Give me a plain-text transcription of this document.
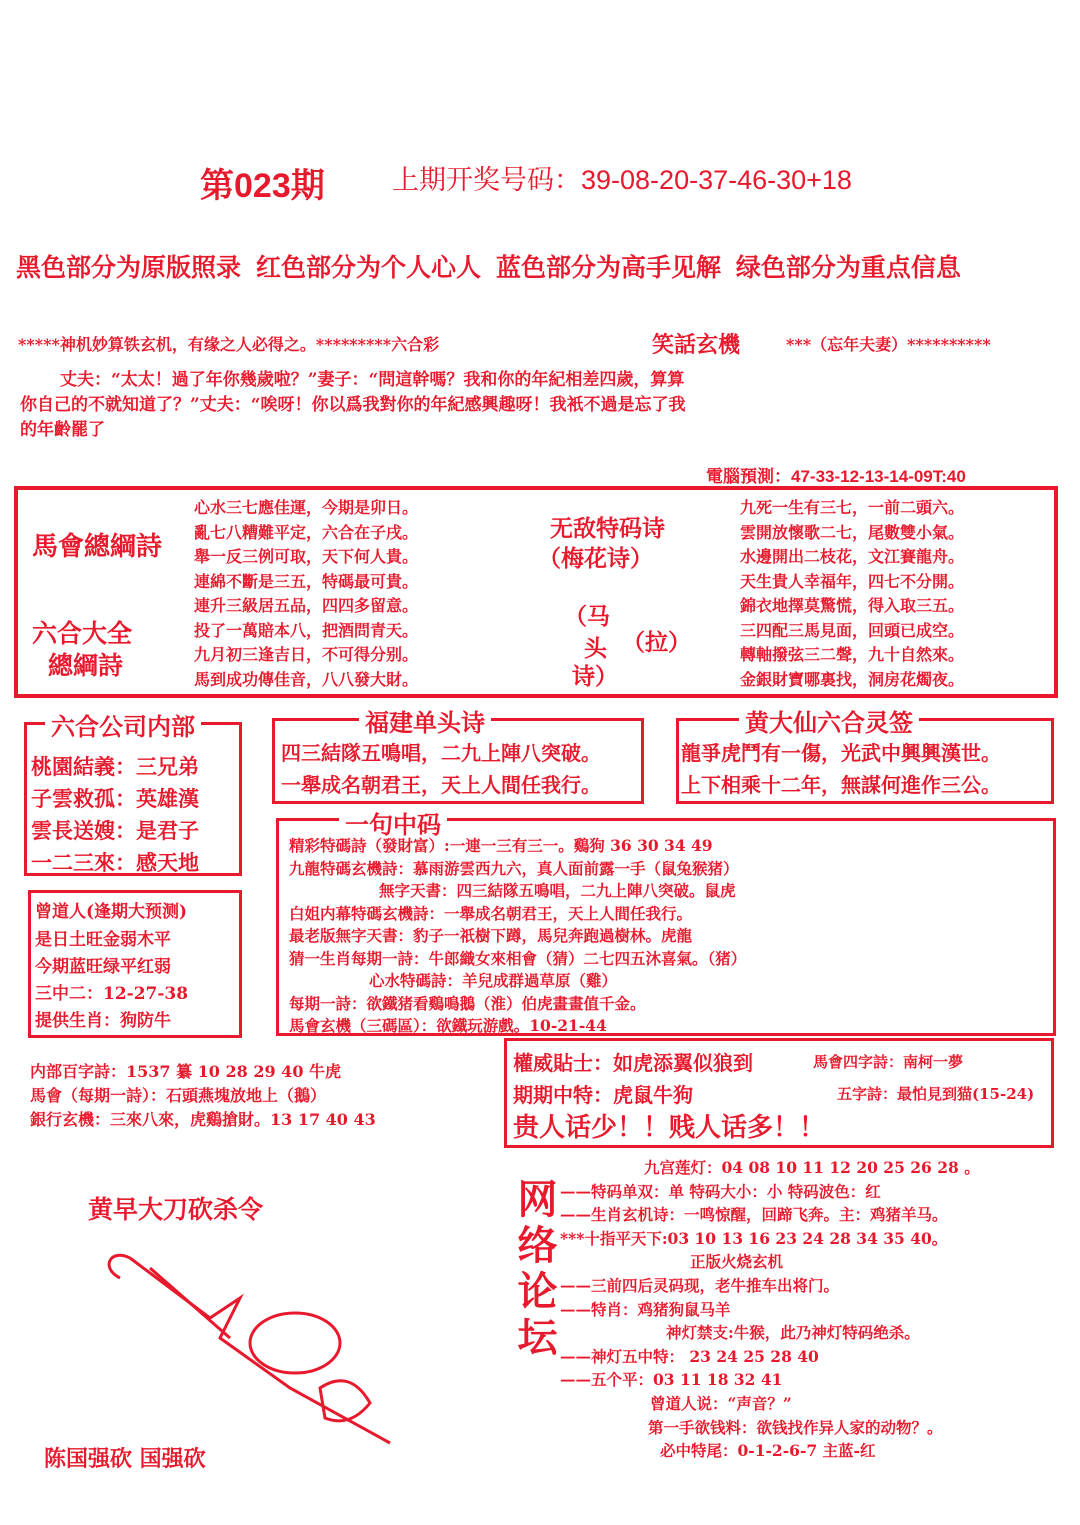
第023期 上期开奖号码：39-08-20-37-46-30+18
黑色部分为原版照录 红色部分为个人心人 蓝色部分为高手见解 绿色部分为重点信息
*****神机妙算铁玄机，有缘之人必得之。*********六合彩	笑話玄機	***（忘年夫妻）**********
丈夫：“太太！過了年你幾歲啦？”妻子：“問這幹嗎？我和你的年紀相差四歲，算算
你自己的不就知道了？”丈夫：“唉呀！你以爲我對你的年紀感興趣呀！我衹不過是忘了我
的年齡罷了
電腦預測：47-33-12-13-14-09T:40
馬會總綱詩
六合大全
總綱詩
心水三七應佳運，今期是卯日。
亂七八糟難平定，六合在子戌。
舉一反三例可取，天下何人貴。
連綿不斷是三五，特碼最可貴。
連升三級居五品，四四多留意。
投了一萬賠本八，把酒問青天。
九月初三逢吉日，不可得分别。
馬到成功傳佳音，八八發大財。
无敌特码诗
（梅花诗）
（马
头
诗）
（拉）
九死一生有三七，一前二頭六。
雲開放懷歌二七，尾數雙小氣。
水邊開出二枝花，文江賽龍舟。
天生貴人幸福年，四七不分開。
錦衣地擇莫驚慌，得入取三五。
三四配三馬見面，回頭已成空。
轉軸撥弦三二聲，九十自然來。
金銀財寶哪裏找，洞房花燭夜。
六合公司内部
桃園結義：三兄弟
子雲救孤：英雄漢
雲長送嫂：是君子
一二三來：感天地
福建单头诗
四三結隊五鳴唱，二九上陣八突破。
一舉成名朝君王，天上人間任我行。
黄大仙六合灵签
龍爭虎鬥有一傷，光武中興興漢世。
上下相乘十二年，無謀何進作三公。
曾道人(逢期大预测)
是日土旺金弱木平
今期蓝旺绿平红弱
三中二：12-27-38
提供生肖：狗防牛
一句中码
精彩特碼詩（發財富）:一連一三有三一。鷄狗 36 30 34 49
九龍特碼玄機詩：慕雨游雲西九六，真人面前露一手（鼠兔猴猪）
無字天書：四三結隊五鳴唱，二九上陣八突破。鼠虎
白姐内幕特碼玄機詩：一舉成名朝君王，天上人間任我行。
最老版無字天書：豹子一祇樹下蹲，馬兒奔跑過樹林。虎龍
猜一生肖每期一詩：牛郎織女來相會（猜）二七四五沐喜氣。（猪）
心水特碼詩：羊兒成群過草原（雞）
每期一詩：欲鐵猪看鷄鳴鵝（淮）伯虎畫畫值千金。
馬會玄機（三碼區）：欲鐵玩游戲。10-21-44
内部百字詩：1537 纂 10 28 29 40 牛虎
馬會（每期一詩）：石頭燕塊放地上（鵝）
銀行玄機：三來八來，虎鷄搶財。13 17 40 43
權威貼士：如虎添翼似狼到	馬會四字詩：南柯一夢
期期中特：虎鼠牛狗	五字詩：最怕見到猫(15-24)
贵人话少！！贱人话多！！
黄早大刀砍杀令
陈国强砍 国强砍
网络论坛
九宫莲灯：04 08 10 11 12 20 25 26 28 。
——特码单双：单 特码大小：小 特码波色：红
——生肖玄机诗：一鸣惊醒，回蹄飞奔。主：鸡猪羊马。
***十指平天下:03 10 13 16 23 24 28 34 35 40。
正版火烧玄机
——三前四后灵码现，老牛推车出将门。
——特肖：鸡猪狗鼠马羊
神灯禁支:牛猴，此乃神灯特码绝杀。
——神灯五中特： 23 24 25 28 40
——五个平：03 11 18 32 41
曾道人说：“声音？”
第一手欲钱料：欲钱找作异人家的动物？。
必中特尾：0-1-2-6-7 主蓝-红
